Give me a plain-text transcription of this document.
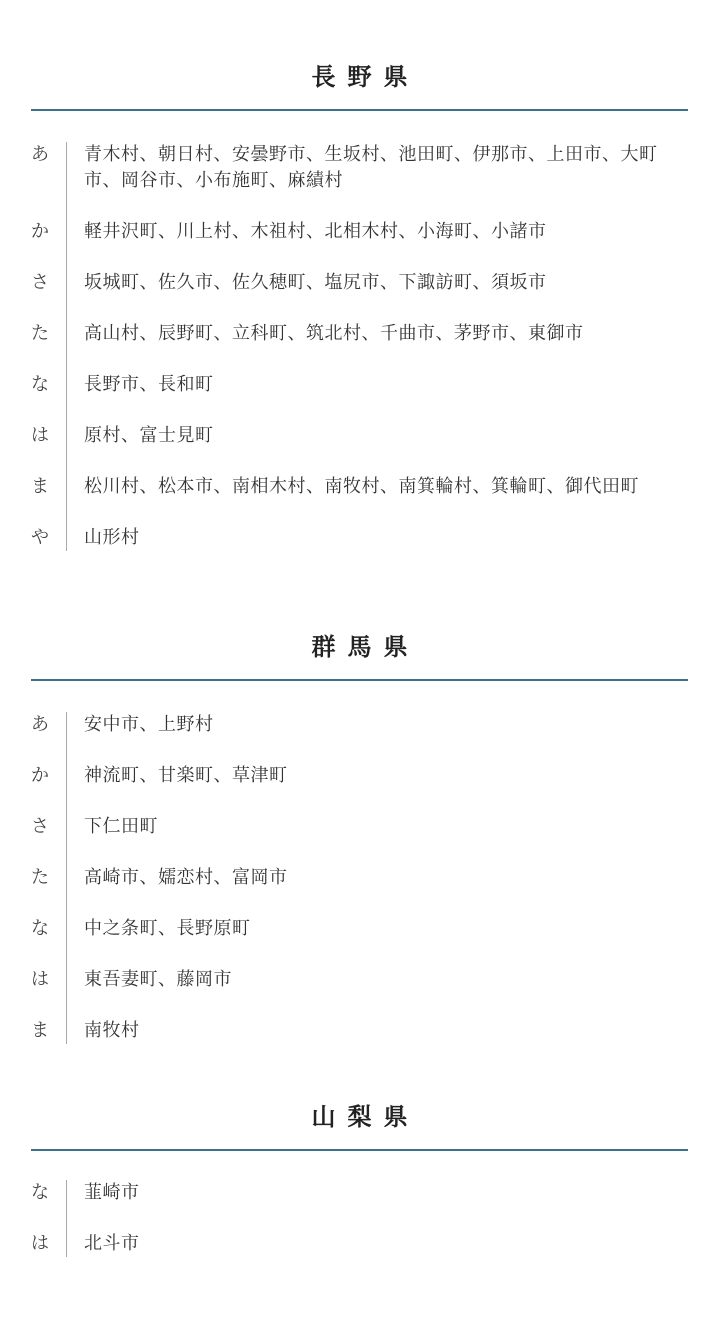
長野県
あ	青木村、朝日村、安曇野市、生坂村、池田町、伊那市、上田市、大町市、岡谷市、小布施町、麻績村
か	軽井沢町、川上村、木祖村、北相木村、小海町、小諸市
さ	坂城町、佐久市、佐久穂町、塩尻市、下諏訪町、須坂市
た	高山村、辰野町、立科町、筑北村、千曲市、茅野市、東御市
な	長野市、長和町
は	原村、富士見町
ま	松川村、松本市、南相木村、南牧村、南箕輪村、箕輪町、御代田町
や	山形村
群馬県
あ	安中市、上野村
か	神流町、甘楽町、草津町
さ	下仁田町
た	高崎市、嬬恋村、富岡市
な	中之条町、長野原町
は	東吾妻町、藤岡市
ま	南牧村
山梨県
な	韮崎市
は	北斗市
